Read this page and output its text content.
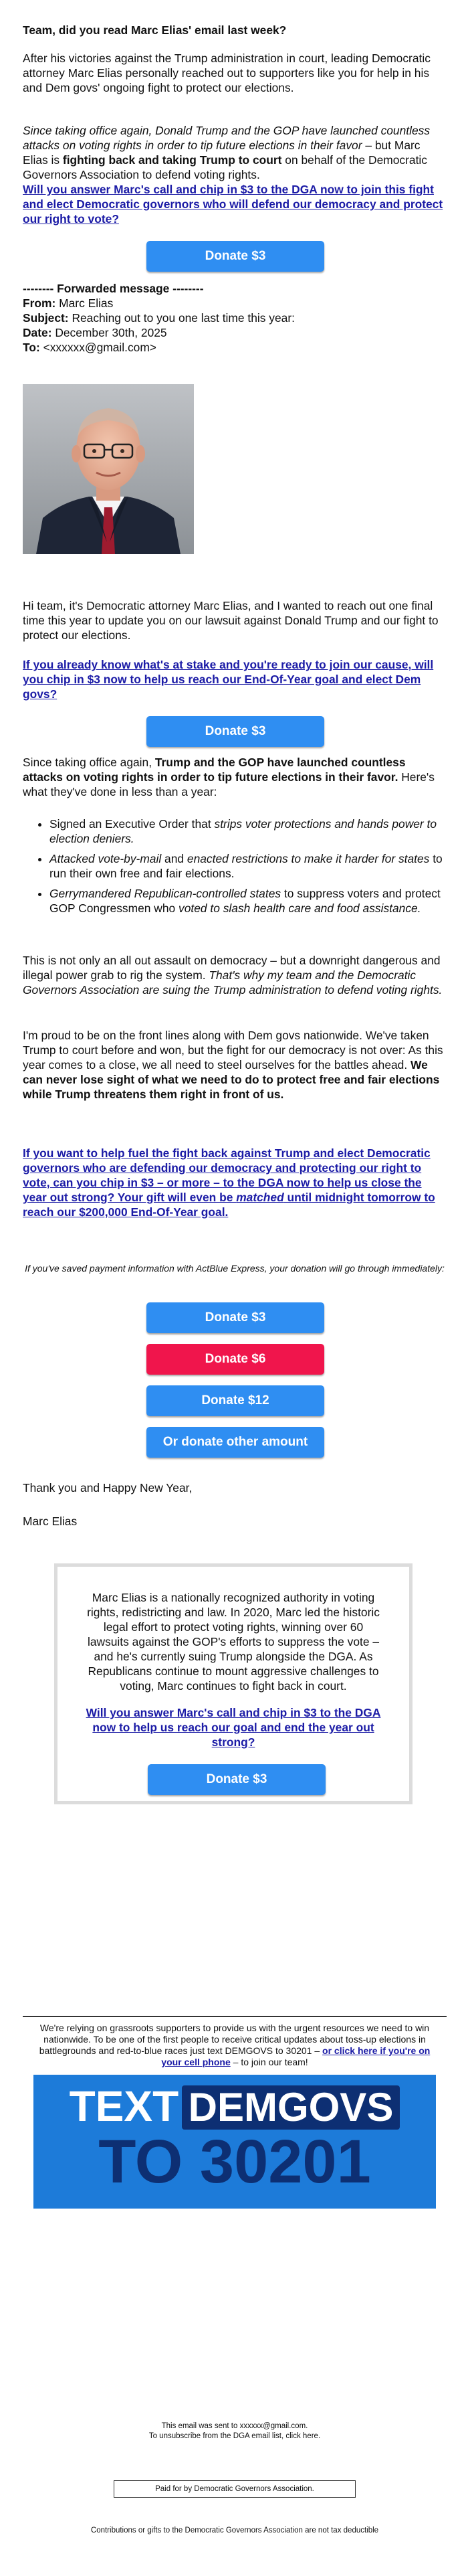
Team, did you read Marc Elias' email last week?

After his victories against the Trump administration in court, leading Democratic attorney Marc Elias personally reached out to supporters like you for help in his and Dem govs' ongoing fight to protect our elections.

Since taking office again, Donald Trump and the GOP have launched countless attacks on voting rights in order to tip future elections in their favor – but Marc Elias is fighting back and taking Trump to court on behalf of the Democratic Governors Association to defend voting rights.

Will you answer Marc's call and chip in $3 to the DGA now to join this fight and elect Democratic governors who will defend our democracy and protect our right to vote?

Donate $3
-------- Forwarded message --------
From: Marc Elias
Subject: Reaching out to you one last time this year:
Date: December 30th, 2025
To: <xxxxxx@gmail.com>

Hi team, it's Democratic attorney Marc Elias, and I wanted to reach out one final time this year to update you on our lawsuit against Donald Trump and our fight to protect our elections.

If you already know what's at stake and you're ready to join our cause, will you chip in $3 now to help us reach our End-Of-Year goal and elect Dem govs?

Donate $3

Since taking office again, Trump and the GOP have launched countless attacks on voting rights in order to tip future elections in their favor. Here's what they've done in less than a year:

• Signed an Executive Order that strips voter protections and hands power to election deniers.
• Attacked vote-by-mail and enacted restrictions to make it harder for states to run their own free and fair elections.
• Gerrymandered Republican-controlled states to suppress voters and protect GOP Congressmen who voted to slash health care and food assistance.

This is not only an all out assault on democracy – but a downright dangerous and illegal power grab to rig the system. That's why my team and the Democratic Governors Association are suing the Trump administration to defend voting rights.

I'm proud to be on the front lines along with Dem govs nationwide. We've taken Trump to court before and won, but the fight for our democracy is not over: As this year comes to a close, we all need to steel ourselves for the battles ahead. We can never lose sight of what we need to do to protect free and fair elections while Trump threatens them right in front of us.

If you want to help fuel the fight back against Trump and elect Democratic governors who are defending our democracy and protecting our right to vote, can you chip in $3 – or more – to the DGA now to help us close the year out strong? Your gift will even be matched until midnight tomorrow to reach our $200,000 End-Of-Year goal.

If you've saved payment information with ActBlue Express, your donation will go through immediately:

Donate $3
Donate $6
Donate $12
Or donate other amount

Thank you and Happy New Year,

Marc Elias

Marc Elias is a nationally recognized authority in voting rights, redistricting and law. In 2020, Marc led the historic legal effort to protect voting rights, winning over 60 lawsuits against the GOP's efforts to suppress the vote – and he's currently suing Trump alongside the DGA. As Republicans continue to mount aggressive challenges to voting, Marc continues to fight back in court.

Will you answer Marc's call and chip in $3 to the DGA now to help us reach our goal and end the year out strong?

Donate $3

We're relying on grassroots supporters to provide us with the urgent resources we need to win nationwide. To be one of the first people to receive critical updates about toss-up elections in battlegrounds and red-to-blue races just text DEMGOVS to 30201 – or click here if you're on your cell phone – to join our team!

TEXT DEMGOVS
TO 30201

This email was sent to xxxxxx@gmail.com.

To unsubscribe from the DGA email list, click here.

Paid for by Democratic Governors Association.

Contributions or gifts to the Democratic Governors Association are not tax deductible
